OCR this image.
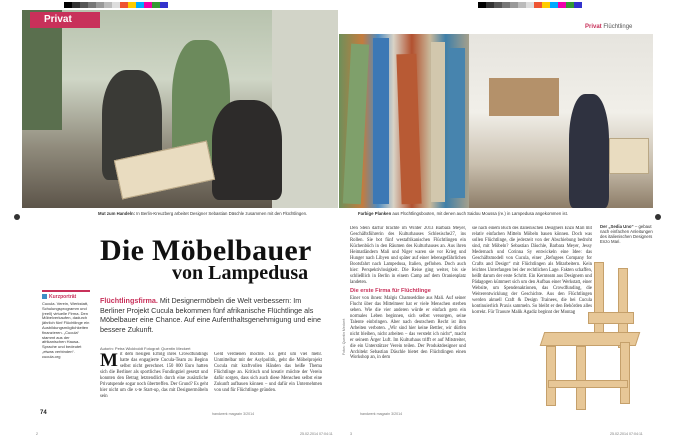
Privat
Privat Flüchtlinge
Mut zum Handeln: In Berlin-Kreuzberg arbeitet Designer Sebastian Däschle zusammen mit den Flüchtlingen.	Farbige Planken aus Flüchtlingsbooten, mit denen auch Saidou Moussa (re.) in Lampedusa angekommen ist.
Die Möbelbauer
von Lampedusa
Kurzporträt
Cucula. Verein, Werkstatt, Schulungsprogramm und (reell) virtuelle Firma. Den Möbelverkaufen, dadurch jährlich fünf Flüchtlinge ein Ausbildungsmöglichkeiten finanzieren. „Cucula“ stammt aus der afrikanischen Hausa-Sprache und bedeutet „etwas verbinden“. cucula.org
Flüchtlingsfirma. Mit Designermöbeln die Welt verbessern: Im Berliner Projekt Cucula bekommen fünf afrikanische Flüchtlinge als Möbelbauer eine Chance. Auf eine Aufenthaltsgenehmigung und eine bessere Zukunft.
Autorin: Petra Wickboldt Fotograf: Quentin Meckert
Mit dem riesigen Erfolg ihres Crowdfundings hatte das engagierte Cucula-Team zu Beginn selbst nicht gerechnet. 150 000 Euro hatten sich die Berliner als sportliches Fundingziel gesetzt und konnten den Betrag letztendlich durch eine zusätzliche Privatspende sogar noch übertreffen. Der Grund? Es geht hier nicht um die x-te Start-up, das mit Designermöbeln sein
Geld verdienen möchte. Es geht um viel mehr. Unmittelbar mit der Asylpolitik, geht die Möbelprojekt Cucula mit kraftvollen Händen das heiße Thema Flüchtlinge an. Kritisch und kreativ möchte der Verein dafür sorgen, dass sich auch diese Menschen selbst eine Zukunft aufbauen können – und dafür ein Unternehmen von und für Flüchtlinge gründen.

Den Stein darfür brachte im Winter 2013 Barbara Meyer, Geschäftsführerin des Kulturhauses Schlesische27, ins Rollen. Sie bot fünf westafrikanischen Flüchtlingen ein Küchenbüch in den Räumen des Kulturhauses an. Aus ihren Heimatländern Mali und Niger waren sie vor Krieg und Hunger nach Libyen und später auf einer lebensgefährlichen Bootsfahrt nach Lampedusa, Italien, geflohen. Doch auch hier: Perspektivlosigkeit. Die Reise ging weiter, bis sie schließlich in Berlin in einem Camp auf dem Oranienplatz landeten.

Die erste Firma für Flüchtlinge

Einer von ihnen: Malgis Chamseddine aus Mali. Auf seiner Flucht über das Mittelmeer hat er viele Menschen sterben sehen. Wie die vier anderen würde er einfach gern ein normales Leben beginnen, sich selbst versorgen, seine Talente einbringen. Aber nach deutschem Recht ist ihm Arbeiten verboten. „Wir sind hier keine Bettler, wir dürfen nicht bleiben, nicht arbeiten – das versteht ich nicht“, macht er seinem Ärger Luft. Im Kulturhaus trifft er auf Mitstreiter, die ein Unterstützer Verein teilen. Der Produktdesigner und Architekt Sebastian Däschle bietet den Flüchtlingen einen Workshop an, in dem

sie nach einem Buch des italienischen Designers Enzo Mari mit relativ einfachen Mitteln Möbeln bauen können. Doch was sollen Flüchtlinge, die jederzeit von der Abschiebung bedroht sind, mit Möbeln? Sebastian Däschle, Barbara Meyer, Jessy Medernach und Corinna Sy entwickeln eine Idee: das Geschäftsmodell von Cucula, einer „Refugees Company for Crafts and Design“ mit Flüchtlingen als Mitarbeitern. Kein leichtes Unterfangen bei der rechtlichen Lage. Fakten schaffen, heißt darum der erste Schritt. Ein Kernteam aus Designern und Pädagogen kümmert sich um den Aufbau einer Werkstatt, einer Website, um Spendenaktionen, das Crowdfunding, die Weiterentwicklung der Geschichte. Aus den Flüchtlingen werden aktuell Craft & Design Trainees, die bei Cucula kontinuierlich Praxis sammeln. So bleibt er den Behörden alles korrekt. Für Traoure Malik Agadiz beginnt der Montag
Der „Sedia Uno“ – gebaut nach einfachen Anleitungen des italienischen Designers Enzo Mari.
Fotos: Quentin Meckert
74	handwerk magazin 3/2014	handwerk magazin 3/2014
2	25.02.2014 07:04:11	3	25.02.2014 07:04:11
